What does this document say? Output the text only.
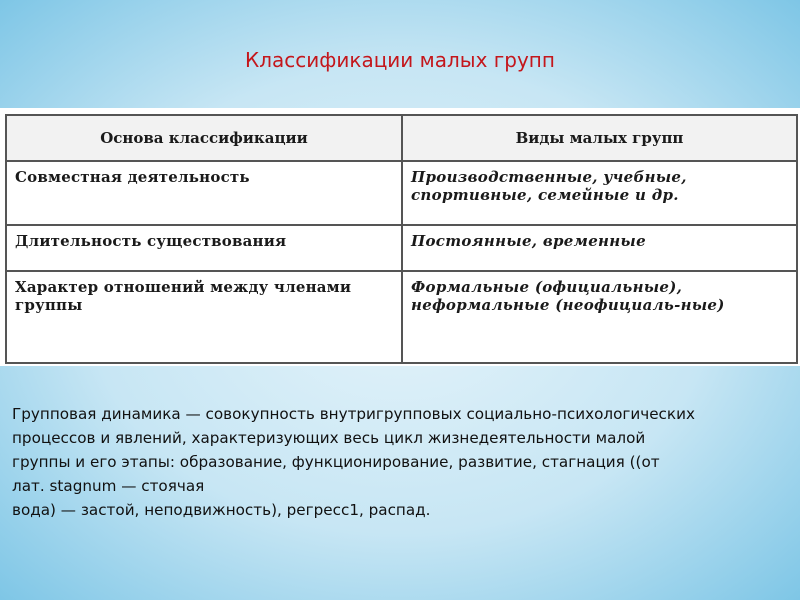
Классификации малых групп
Основа классификации	Виды малых групп
Совместная деятельность	Производственные, учебные, спортивные, семейные и др.
Длительность существования	Постоянные, временные
Характер отношений между членами группы	Формальные (официальные), неформальные (неофициаль-ные)
Групповая динамика — совокупность внутригрупповых социально-психологических
процессов и явлений, характеризующих весь цикл жизнедеятельности малой
группы и его этапы: образование, функционирование, развитие, стагнация ((от
лат. stagnum — стоячая
вода) — застой, неподвижность), регресс1, распад.
